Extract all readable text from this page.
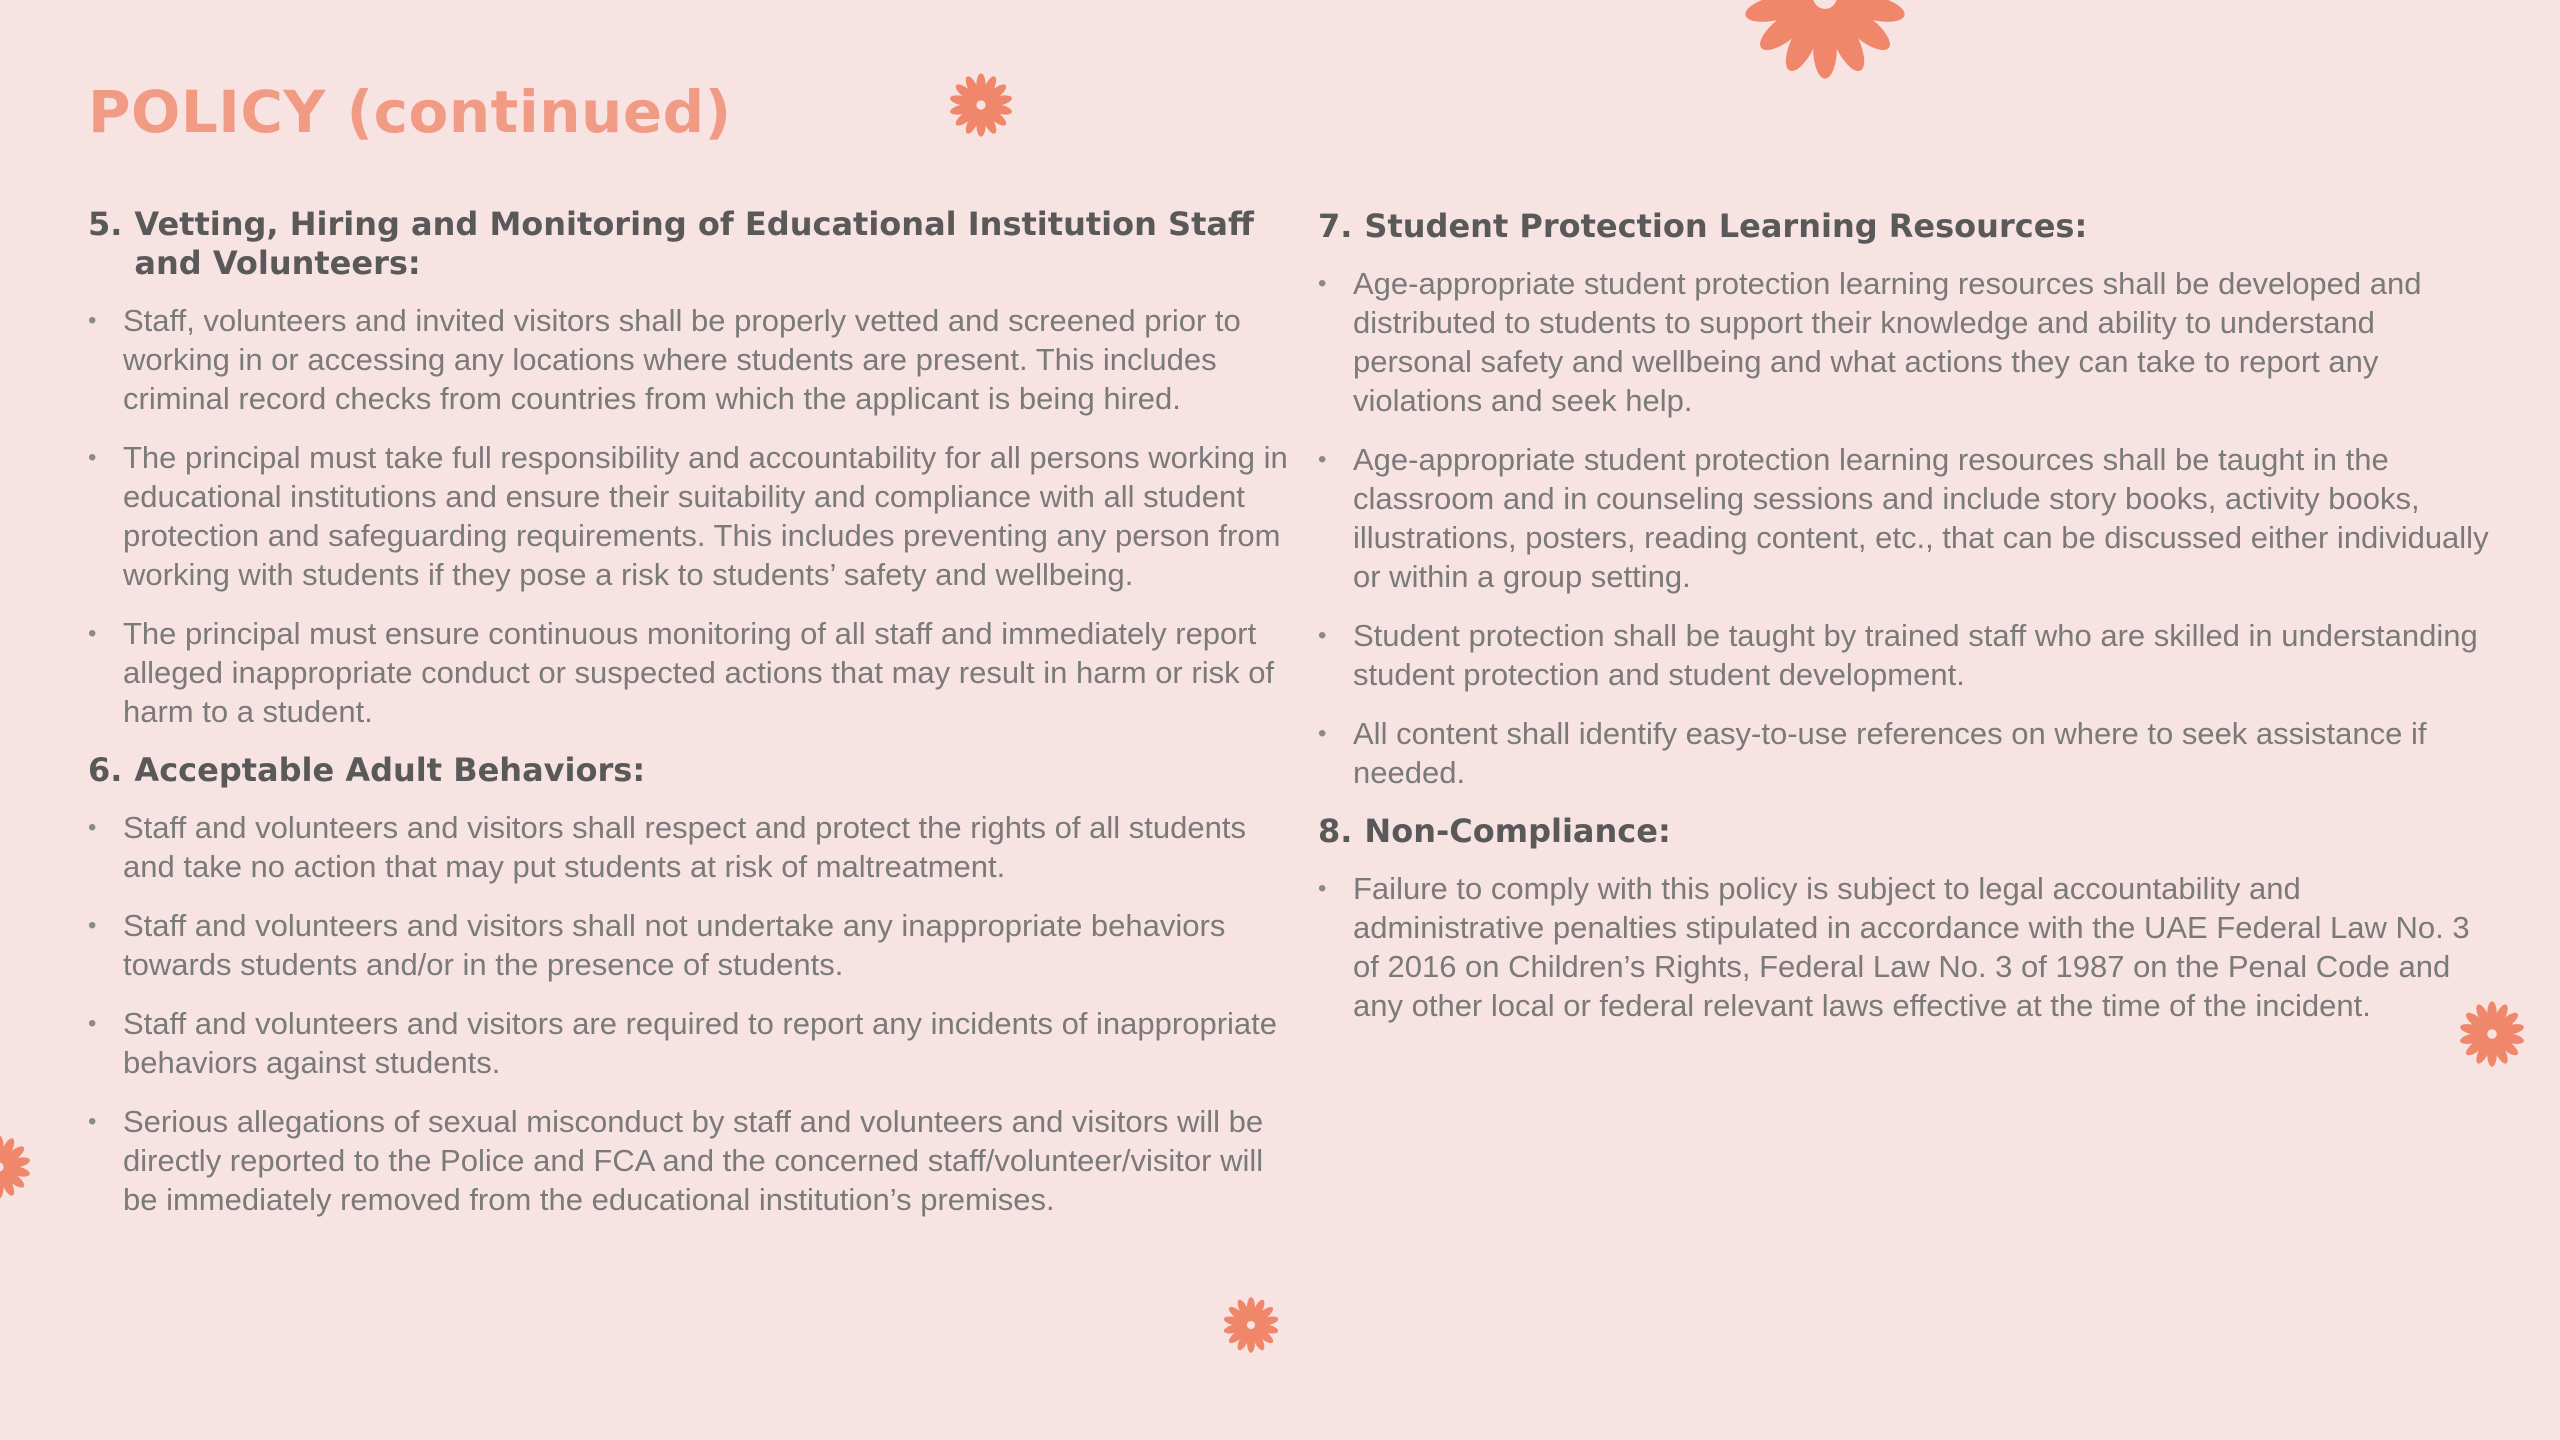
POLICY (continued)
5. Vetting, Hiring and Monitoring of Educational Institution Staff and Volunteers:
• Staff, volunteers and invited visitors shall be properly vetted and screened prior to working in or accessing any locations where students are present. This includes criminal record checks from countries from which the applicant is being hired.
• The principal must take full responsibility and accountability for all persons working in educational institutions and ensure their suitability and compliance with all student protection and safeguarding requirements. This includes preventing any person from working with students if they pose a risk to students’ safety and wellbeing.
• The principal must ensure continuous monitoring of all staff and immediately report alleged inappropriate conduct or suspected actions that may result in harm or risk of harm to a student.
6. Acceptable Adult Behaviors:
• Staff and volunteers and visitors shall respect and protect the rights of all students and take no action that may put students at risk of maltreatment.
• Staff and volunteers and visitors shall not undertake any inappropriate behaviors towards students and/or in the presence of students.
• Staff and volunteers and visitors are required to report any incidents of inappropriate behaviors against students.
• Serious allegations of sexual misconduct by staff and volunteers and visitors will be directly reported to the Police and FCA and the concerned staff/volunteer/visitor will be immediately removed from the educational institution’s premises.
7. Student Protection Learning Resources:
• Age-appropriate student protection learning resources shall be developed and distributed to students to support their knowledge and ability to understand personal safety and wellbeing and what actions they can take to report any violations and seek help.
• Age-appropriate student protection learning resources shall be taught in the classroom and in counseling sessions and include story books, activity books, illustrations, posters, reading content, etc., that can be discussed either individually or within a group setting.
• Student protection shall be taught by trained staff who are skilled in understanding student protection and student development.
• All content shall identify easy-to-use references on where to seek assistance if needed.
8. Non-Compliance:
• Failure to comply with this policy is subject to legal accountability and administrative penalties stipulated in accordance with the UAE Federal Law No. 3 of 2016 on Children’s Rights, Federal Law No. 3 of 1987 on the Penal Code and any other local or federal relevant laws effective at the time of the incident.
